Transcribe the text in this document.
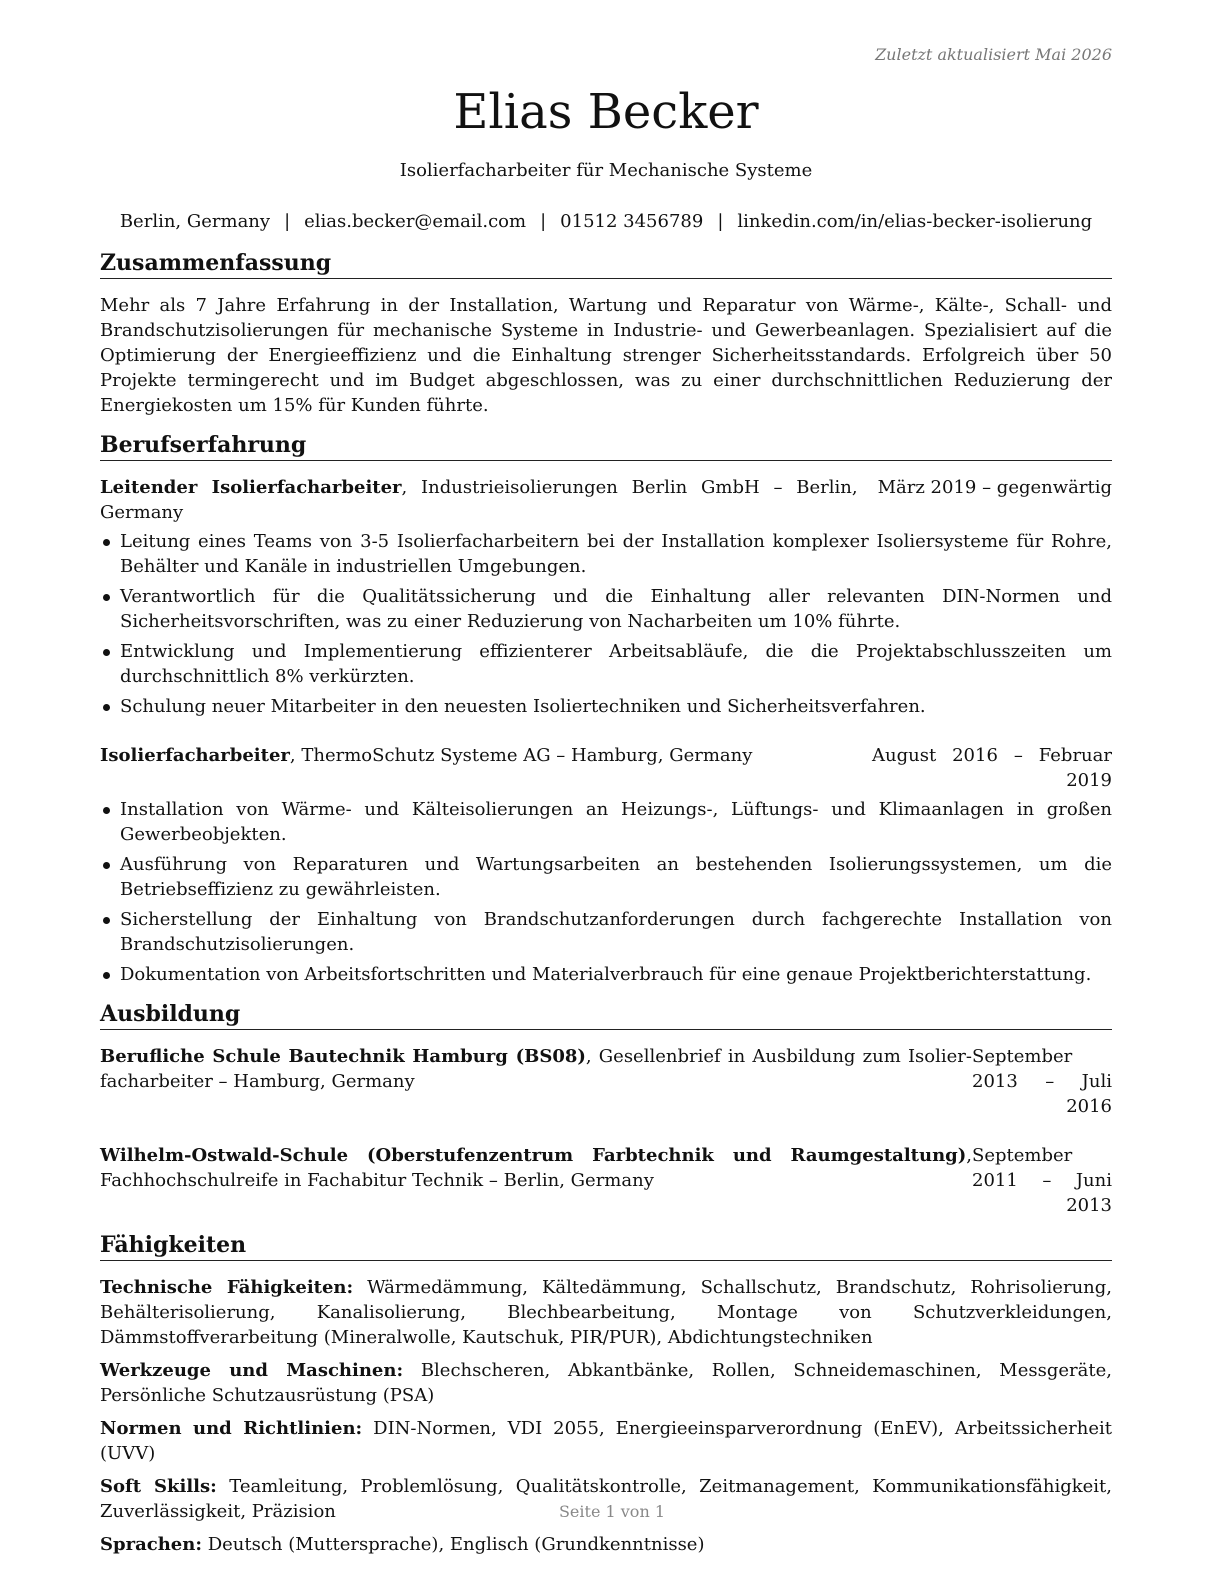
Zuletzt aktualisiert Mai 2026
Elias Becker
Isolierfacharbeiter für Mechanische Systeme
Berlin, Germany | elias.becker@email.com | 01512 3456789 | linkedin.com/in/elias-becker-isolierung
Zusammenfassung
Mehr als 7 Jahre Erfahrung in der Installation, Wartung und Reparatur von Wärme-, Kälte-, Schall- und Brandschutzisolierungen für mechanische Systeme in Industrie- und Gewerbeanlagen. Spezialisiert auf die Optimierung der Energieeffizienz und die Einhaltung strenger Sicherheitsstandards. Erfolgreich über 50 Projekte termingerecht und im Budget abgeschlossen, was zu einer durchschnittlichen Reduzierung der Energiekosten um 15% für Kunden führte.
Berufserfahrung
Leitender Isolierfacharbeiter, Industrieisolierungen Berlin GmbH – Berlin, Germany
März 2019 – gegenwärtig
Leitung eines Teams von 3-5 Isolierfacharbeitern bei der Installation komplexer Isoliersysteme für Rohre, Behälter und Kanäle in industriellen Umgebungen.
Verantwortlich für die Qualitätssicherung und die Einhaltung aller relevanten DIN-Normen und Sicherheitsvorschriften, was zu einer Reduzierung von Nacharbeiten um 10% führte.
Entwicklung und Implementierung effizienterer Arbeitsabläufe, die die Projektabschlusszeiten um durchschnittlich 8% verkürzten.
Schulung neuer Mitarbeiter in den neuesten Isoliertechniken und Sicherheitsverfahren.
Isolierfacharbeiter, ThermoSchutz Systeme AG – Hamburg, Germany	August 2016 – Februar 2019
Installation von Wärme- und Kälteisolierungen an Heizungs-, Lüftungs- und Klimaanlagen in großen Gewerbeobjekten.
Ausführung von Reparaturen und Wartungsarbeiten an bestehenden Isolierungssystemen, um die Betriebseffizienz zu gewährleisten.
Sicherstellung der Einhaltung von Brandschutzanforderungen durch fachgerechte Installation von Brandschutzisolierungen.
Dokumentation von Arbeitsfortschritten und Materialverbrauch für eine genaue Projektberichterstattung.
Ausbildung
Berufliche Schule Bautechnik Hamburg (BS08), Gesellenbrief in Ausbildung zum Isolierfacharbeiter – Hamburg, Germany
September 2013 – Juli 2016
Wilhelm-Ostwald-Schule (Oberstufenzentrum Farbtechnik und Raumgestaltung), Fachhochschulreife in Fachabitur Technik – Berlin, Germany
September 2011 – Juni 2013
Fähigkeiten
Technische Fähigkeiten: Wärmedämmung, Kältedämmung, Schallschutz, Brandschutz, Rohrisolierung, Behälterisolierung, Kanalisolierung, Blechbearbeitung, Montage von Schutzverkleidungen, Dämmstoffverarbeitung (Mineralwolle, Kautschuk, PIR/PUR), Abdichtungstechniken
Werkzeuge und Maschinen: Blechscheren, Abkantbänke, Rollen, Schneidemaschinen, Messgeräte, Persönliche Schutzausrüstung (PSA)
Normen und Richtlinien: DIN-Normen, VDI 2055, Energieeinsparverordnung (EnEV), Arbeitssicherheit (UVV)
Soft Skills: Teamleitung, Problemlösung, Qualitätskontrolle, Zeitmanagement, Kommunikationsfähigkeit, Zuverlässigkeit, Präzision
Sprachen: Deutsch (Muttersprache), Englisch (Grundkenntnisse)
Seite 1 von 1
